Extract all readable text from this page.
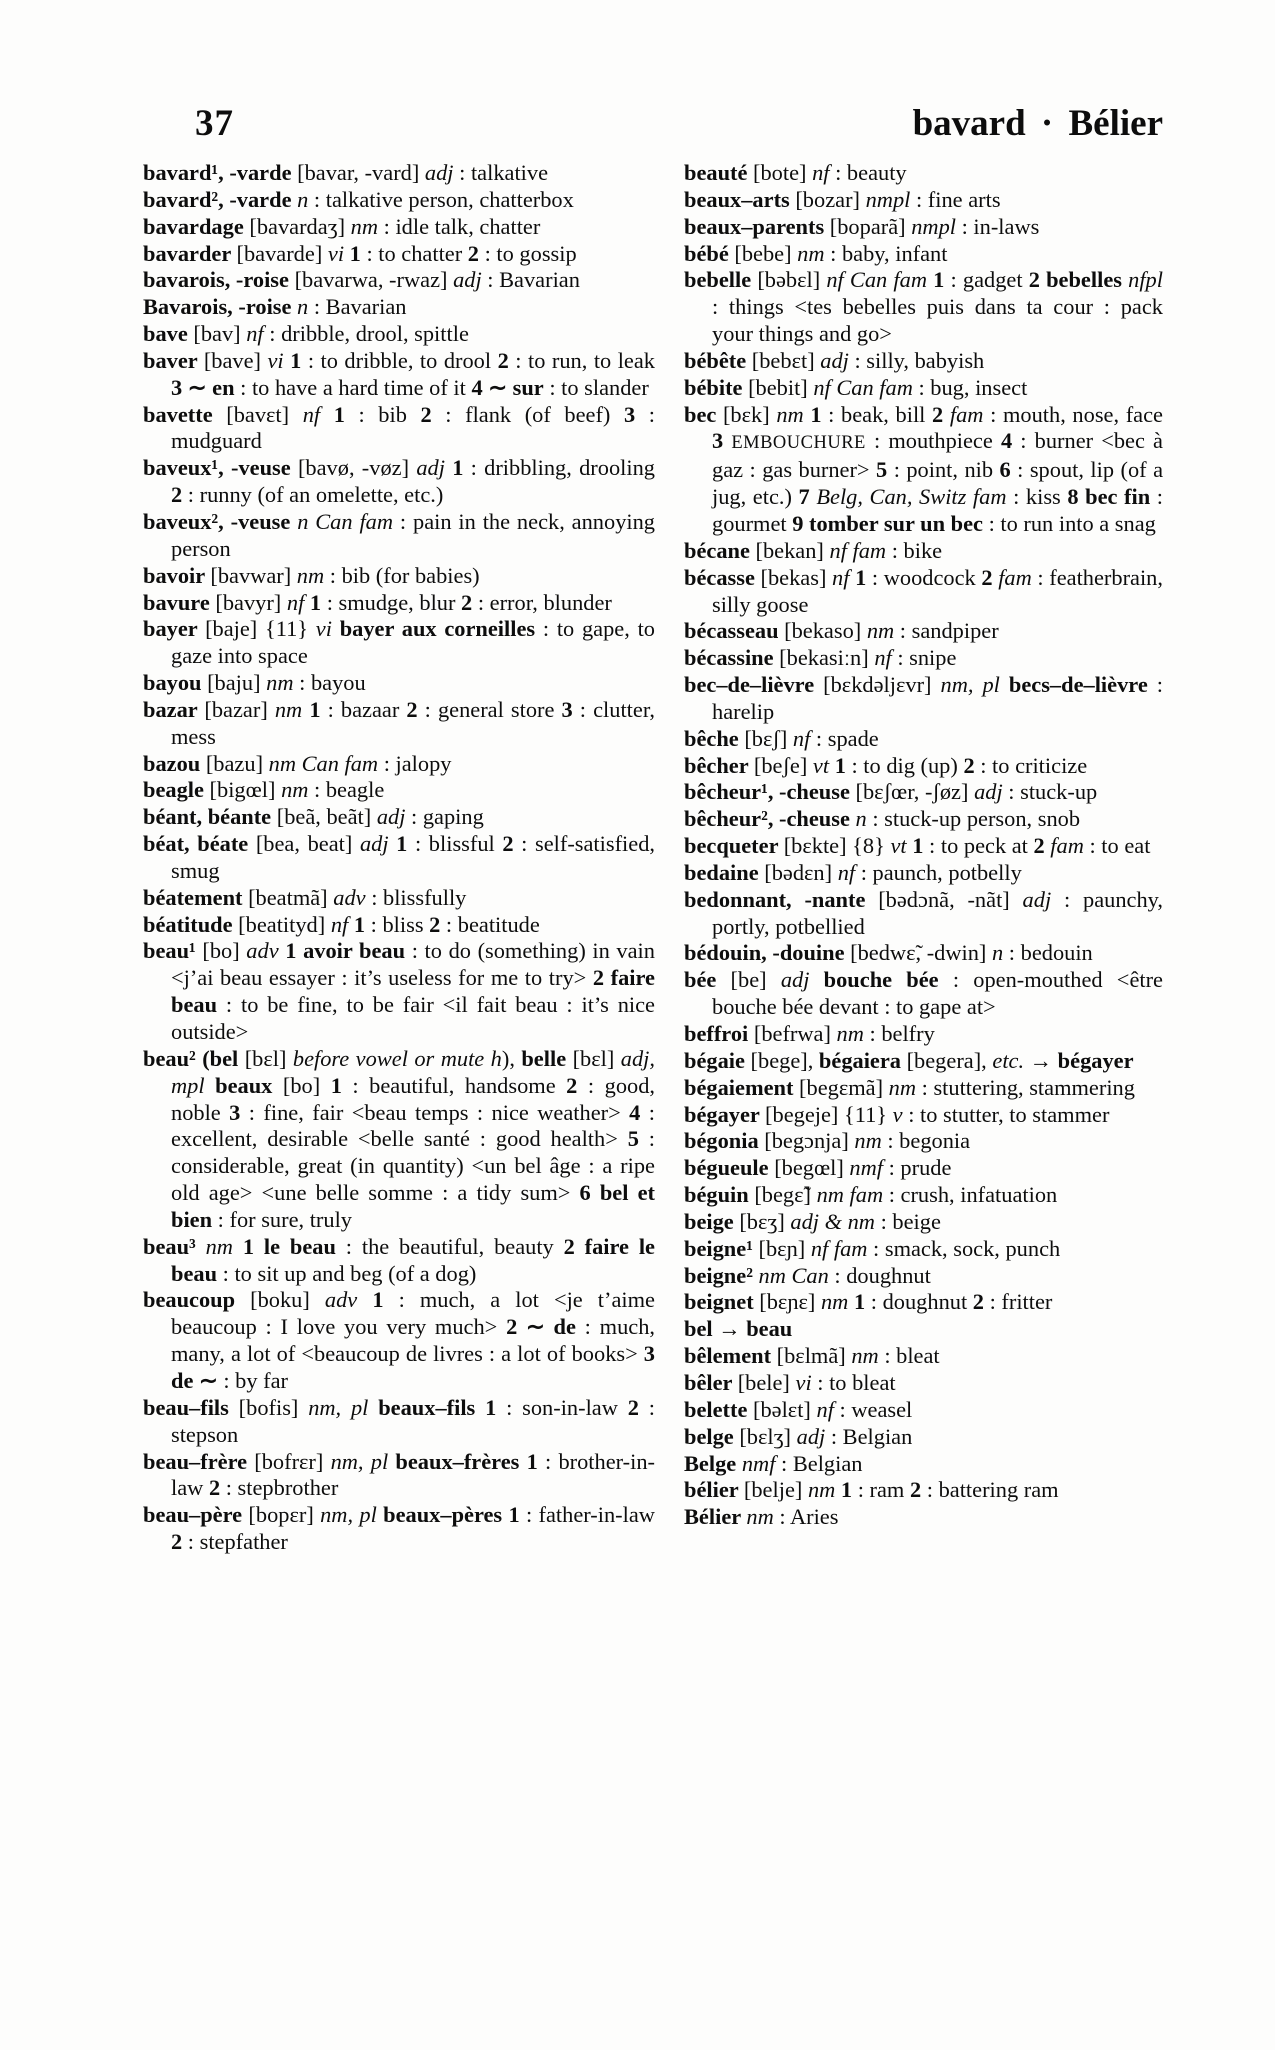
37	bavard · Bélier

bavard¹, -varde [bavar, -vard] adj : talkative

bavard², -varde n : talkative person, chatterbox

bavardage [bavardaʒ] nm : idle talk, chatter

bavarder [bavarde] vi 1 : to chatter 2 : to gossip

bavarois, -roise [bavarwa, -rwaz] adj : Bavarian

Bavarois, -roise n : Bavarian

bave [bav] nf : dribble, drool, spittle

baver [bave] vi 1 : to dribble, to drool 2 : to run, to leak 3 ∼ en : to have a hard time of it 4 ∼ sur : to slander

bavette [bavɛt] nf 1 : bib 2 : flank (of beef) 3 : mudguard

baveux¹, -veuse [bavø, -vøz] adj 1 : dribbling, drooling 2 : runny (of an omelette, etc.)

baveux², -veuse n Can fam : pain in the neck, annoying person

bavoir [bavwar] nm : bib (for babies)

bavure [bavyr] nf 1 : smudge, blur 2 : error, blunder

bayer [baje] {11} vi bayer aux corneilles : to gape, to gaze into space

bayou [baju] nm : bayou

bazar [bazar] nm 1 : bazaar 2 : general store 3 : clutter, mess

bazou [bazu] nm Can fam : jalopy

beagle [bigœl] nm : beagle

béant, béante [beã, beãt] adj : gaping

béat, béate [bea, beat] adj 1 : blissful 2 : self-satisfied, smug

béatement [beatmã] adv : blissfully

béatitude [beatityd] nf 1 : bliss 2 : beatitude

beau¹ [bo] adv 1 avoir beau : to do (something) in vain <j’ai beau essayer : it’s useless for me to try> 2 faire beau : to be fine, to be fair <il fait beau : it’s nice outside>

beau² (bel [bɛl] before vowel or mute h), belle [bɛl] adj, mpl beaux [bo] 1 : beautiful, handsome 2 : good, noble 3 : fine, fair <beau temps : nice weather> 4 : excellent, desirable <belle santé : good health> 5 : considerable, great (in quantity) <un bel âge : a ripe old age> <une belle somme : a tidy sum> 6 bel et bien : for sure, truly

beau³ nm 1 le beau : the beautiful, beauty 2 faire le beau : to sit up and beg (of a dog)

beaucoup [boku] adv 1 : much, a lot <je t’aime beaucoup : I love you very much> 2 ∼ de : much, many, a lot of <beaucoup de livres : a lot of books> 3 de ∼ : by far

beau–fils [bofis] nm, pl beaux–fils 1 : son-in-law 2 : stepson

beau–frère [bofrɛr] nm, pl beaux–frères 1 : brother-in-law 2 : stepbrother

beau–père [bopɛr] nm, pl beaux–pères 1 : father-in-law 2 : stepfather

beauté [bote] nf : beauty

beaux–arts [bozar] nmpl : fine arts

beaux–parents [boparã] nmpl : in-laws

bébé [bebe] nm : baby, infant

bebelle [bəbɛl] nf Can fam 1 : gadget 2 bebelles nfpl : things <tes bebelles puis dans ta cour : pack your things and go>

bébête [bebɛt] adj : silly, babyish

bébite [bebit] nf Can fam : bug, insect

bec [bɛk] nm 1 : beak, bill 2 fam : mouth, nose, face 3 EMBOUCHURE : mouthpiece 4 : burner <bec à gaz : gas burner> 5 : point, nib 6 : spout, lip (of a jug, etc.) 7 Belg, Can, Switz fam : kiss 8 bec fin : gourmet 9 tomber sur un bec : to run into a snag

bécane [bekan] nf fam : bike

bécasse [bekas] nf 1 : woodcock 2 fam : featherbrain, silly goose

bécasseau [bekaso] nm : sandpiper

bécassine [bekasiːn] nf : snipe

bec–de–lièvre [bɛkdəljɛvr] nm, pl becs–de–lièvre : harelip

bêche [bɛʃ] nf : spade

bêcher [beʃe] vt 1 : to dig (up) 2 : to criticize

bêcheur¹, -cheuse [bɛʃœr, -ʃøz] adj : stuck-up

bêcheur², -cheuse n : stuck-up person, snob

becqueter [bɛkte] {8} vt 1 : to peck at 2 fam : to eat

bedaine [bədɛn] nf : paunch, potbelly

bedonnant, -nante [bədɔnã, -nãt] adj : paunchy, portly, potbellied

bédouin, -douine [bedwɛ̃, -dwin] n : bedouin

bée [be] adj bouche bée : open-mouthed <être bouche bée devant : to gape at>

beffroi [befrwa] nm : belfry

bégaie [bege], bégaiera [begera], etc. → bégayer

bégaiement [begɛmã] nm : stuttering, stammering

bégayer [begeje] {11} v : to stutter, to stammer

bégonia [begɔnja] nm : begonia

bégueule [begœl] nmf : prude

béguin [begɛ̃] nm fam : crush, infatuation

beige [bɛʒ] adj & nm : beige

beigne¹ [bɛɲ] nf fam : smack, sock, punch

beigne² nm Can : doughnut

beignet [bɛɲɛ] nm 1 : doughnut 2 : fritter

bel → beau

bêlement [bɛlmã] nm : bleat

bêler [bele] vi : to bleat

belette [bəlɛt] nf : weasel

belge [bɛlʒ] adj : Belgian

Belge nmf : Belgian

bélier [belje] nm 1 : ram 2 : battering ram

Bélier nm : Aries
